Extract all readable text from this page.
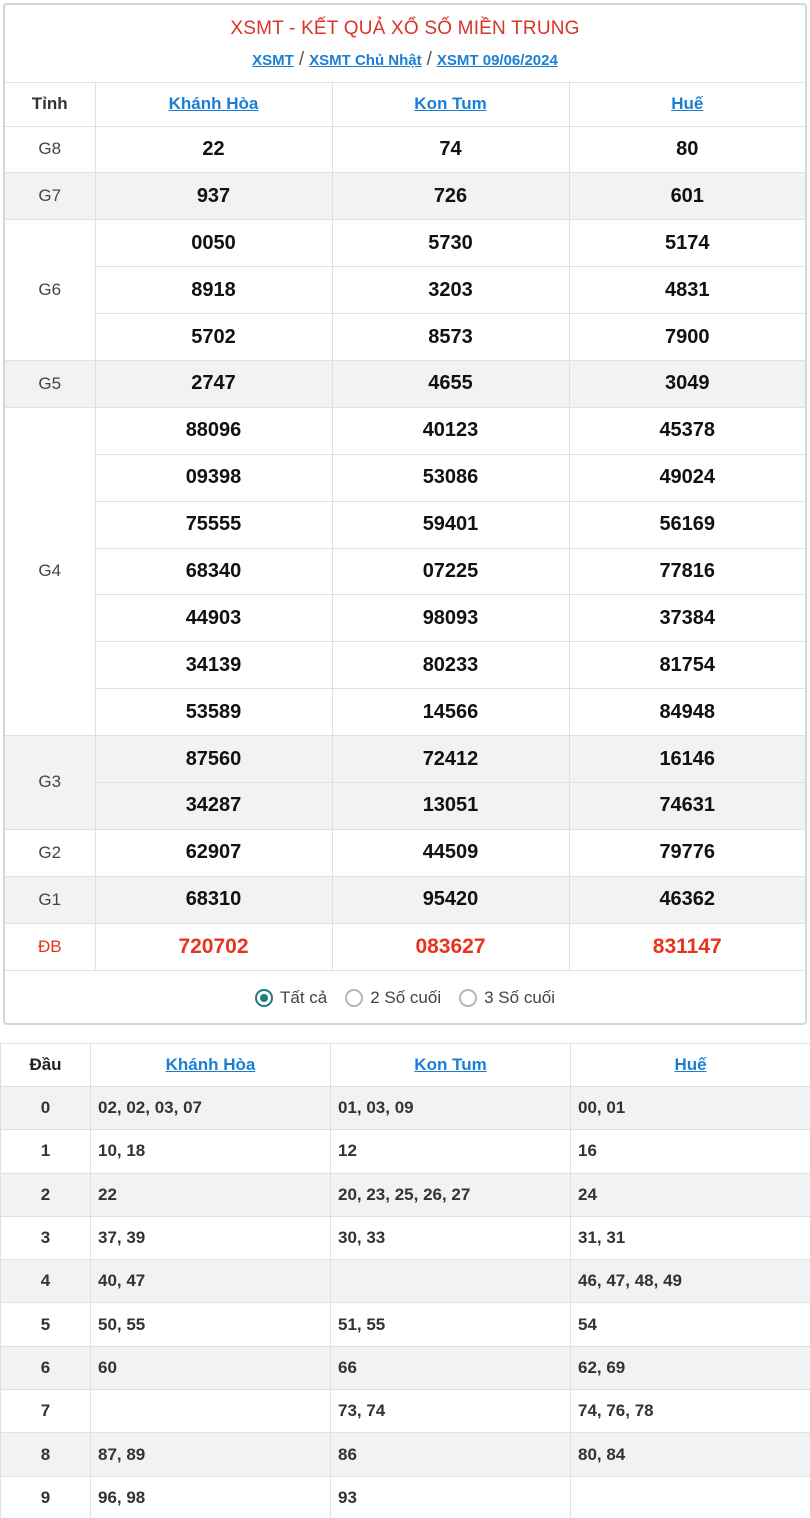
XSMT - KẾT QUẢ XỔ SỐ MIỀN TRUNG
XSMT / XSMT Chủ Nhật / XSMT 09/06/2024
Tỉnh	Khánh Hòa	Kon Tum	Huế
G8	22	74	80
G7	937	726	601
G6	0050	5730	5174
	8918	3203	4831
	5702	8573	7900
G5	2747	4655	3049
G4	88096	40123	45378
	09398	53086	49024
	75555	59401	56169
	68340	07225	77816
	44903	98093	37384
	34139	80233	81754
	53589	14566	84948
G3	87560	72412	16146
	34287	13051	74631
G2	62907	44509	79776
G1	68310	95420	46362
ĐB	720702	083627	831147
Tất cả	2 Số cuối	3 Số cuối
Đầu	Khánh Hòa	Kon Tum	Huế
0	02, 02, 03, 07	01, 03, 09	00, 01
1	10, 18	12	16
2	22	20, 23, 25, 26, 27	24
3	37, 39	30, 33	31, 31
4	40, 47		46, 47, 48, 49
5	50, 55	51, 55	54
6	60	66	62, 69
7		73, 74	74, 76, 78
8	87, 89	86	80, 84
9	96, 98	93	
